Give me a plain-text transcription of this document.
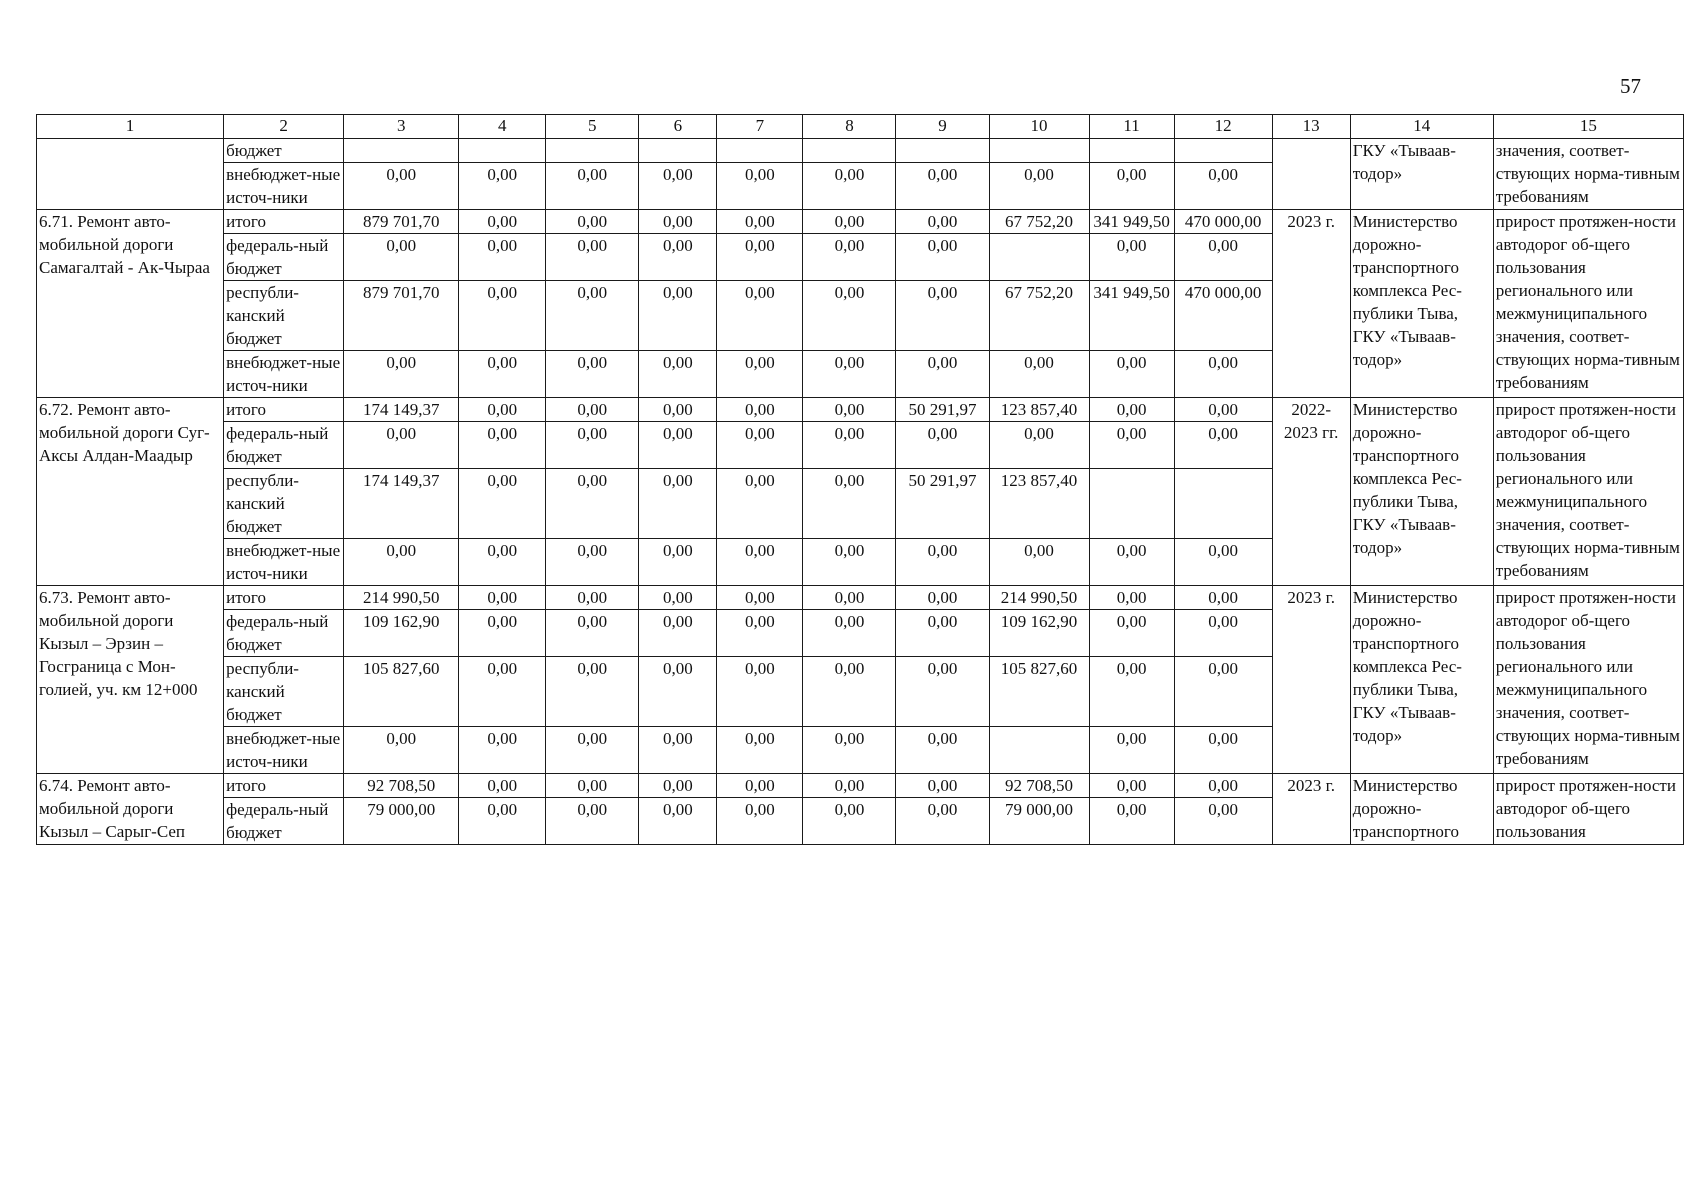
57
1	2	3	4	5	6	7	8	9	10	11	12	13	14	15
	бюджет												ГКУ «Тываав-тодор»	значения, соответ-ствующих норма-тивным требованиям
	внебюджет-ные источ-ники	0,00	0,00	0,00	0,00	0,00	0,00	0,00	0,00	0,00	0,00			
6.71. Ремонт авто-мобильной дороги Самагалтай - Ак-Чыраа	итого	879 701,70	0,00	0,00	0,00	0,00	0,00	0,00	67 752,20	341 949,50	470 000,00	2023 г.	Министерство дорожно-транспортного комплекса Рес-публики Тыва, ГКУ «Тываав-тодор»	прирост протяжен-ности автодорог об-щего пользования регионального или межмуниципального значения, соответ-ствующих норма-тивным требованиям
	федераль-ный бюджет	0,00	0,00	0,00	0,00	0,00	0,00	0,00		0,00	0,00			
	республи-канский бюджет	879 701,70	0,00	0,00	0,00	0,00	0,00	0,00	67 752,20	341 949,50	470 000,00			
	внебюджет-ные источ-ники	0,00	0,00	0,00	0,00	0,00	0,00	0,00	0,00	0,00	0,00			
6.72. Ремонт авто-мобильной дороги Суг-Аксы Алдан-Маадыр	итого	174 149,37	0,00	0,00	0,00	0,00	0,00	50 291,97	123 857,40	0,00	0,00	2022-2023 гг.	Министерство дорожно-транспортного комплекса Рес-публики Тыва, ГКУ «Тываав-тодор»	прирост протяжен-ности автодорог об-щего пользования регионального или межмуниципального значения, соответ-ствующих норма-тивным требованиям
	федераль-ный бюджет	0,00	0,00	0,00	0,00	0,00	0,00	0,00	0,00	0,00	0,00			
	республи-канский бюджет	174 149,37	0,00	0,00	0,00	0,00	0,00	50 291,97	123 857,40					
	внебюджет-ные источ-ники	0,00	0,00	0,00	0,00	0,00	0,00	0,00	0,00	0,00	0,00			
6.73. Ремонт авто-мобильной дороги Кызыл – Эрзин – Госграница с Мон-голией, уч. км 12+000	итого	214 990,50	0,00	0,00	0,00	0,00	0,00	0,00	214 990,50	0,00	0,00	2023 г.	Министерство дорожно-транспортного комплекса Рес-публики Тыва, ГКУ «Тываав-тодор»	прирост протяжен-ности автодорог об-щего пользования регионального или межмуниципального значения, соответ-ствующих норма-тивным требованиям
	федераль-ный бюджет	109 162,90	0,00	0,00	0,00	0,00	0,00	0,00	109 162,90	0,00	0,00			
	республи-канский бюджет	105 827,60	0,00	0,00	0,00	0,00	0,00	0,00	105 827,60	0,00	0,00			
	внебюджет-ные источ-ники	0,00	0,00	0,00	0,00	0,00	0,00	0,00		0,00	0,00			
6.74. Ремонт авто-мобильной дороги Кызыл – Сарыг-Сеп	итого	92 708,50	0,00	0,00	0,00	0,00	0,00	0,00	92 708,50	0,00	0,00	2023 г.	Министерство дорожно-транспортного	прирост протяжен-ности автодорог об-щего пользования
	федераль-ный бюджет	79 000,00	0,00	0,00	0,00	0,00	0,00	0,00	79 000,00	0,00	0,00			
